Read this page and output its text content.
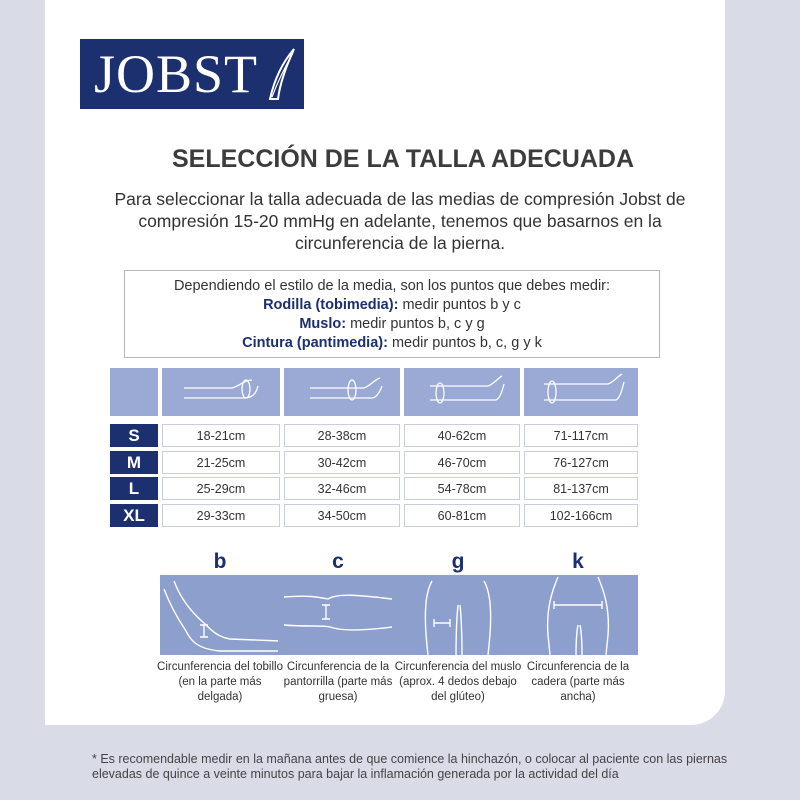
JOBST
SELECCIÓN DE LA TALLA ADECUADA
Para seleccionar la talla adecuada de las medias de compresión Jobst de compresión 15-20 mmHg en adelante, tenemos que basarnos en la circunferencia de la pierna.
Dependiendo el estilo de la media, son los puntos que debes medir:
Rodilla (tobimedia): medir puntos b y c
Muslo: medir puntos b, c y g
Cintura (pantimedia): medir puntos b, c, g y k
S	18-21cm	28-38cm	40-62cm	71-117cm
M	21-25cm	30-42cm	46-70cm	76-127cm
L	25-29cm	32-46cm	54-78cm	81-137cm
XL	29-33cm	34-50cm	60-81cm	102-166cm
b
Circunferencia del tobillo (en la parte más delgada)
c
Circunferencia de la pantorrilla (parte más gruesa)
g
Circunferencia del muslo (aprox. 4 dedos debajo del glúteo)
k
Circunferencia de la cadera (parte más ancha)
* Es recomendable medir en la mañana antes de que comience la hinchazón, o colocar al paciente con las piernas elevadas de quince a veinte minutos para bajar la inflamación generada por la actividad del día
